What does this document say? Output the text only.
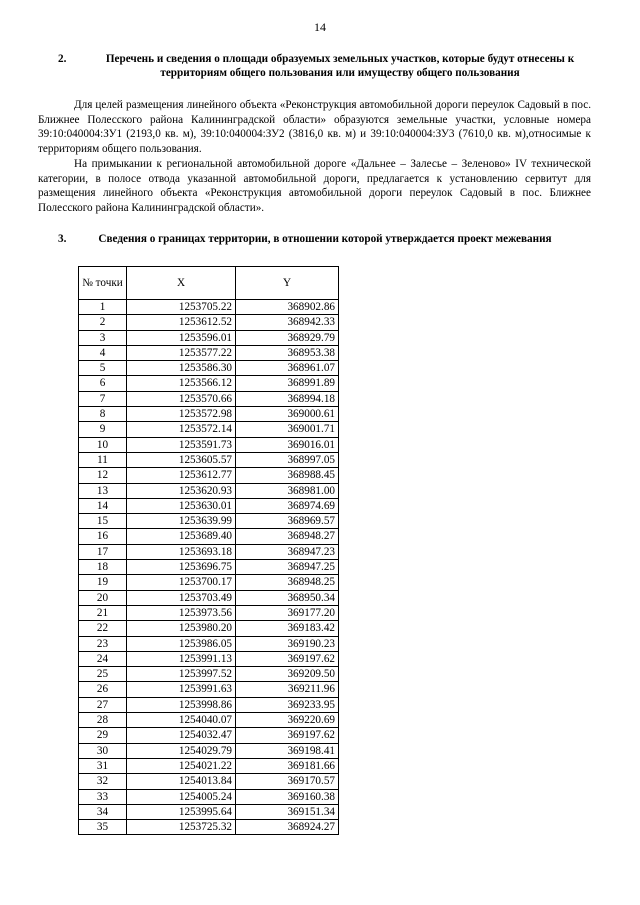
14
2.	Перечень и сведения о площади образуемых земельных участков, которые будут отнесены к территориям общего пользования или имуществу общего пользования
Для целей размещения линейного объекта «Реконструкция автомобильной дороги переулок Садовый в пос. Ближнее Полесского района Калининградской области» образуются земельные участки, условные номера 39:10:040004:ЗУ1 (2193,0 кв. м), 39:10:040004:ЗУ2 (3816,0 кв. м) и 39:10:040004:ЗУ3 (7610,0 кв. м),относимые к территориям общего пользования.
На примыкании к региональной автомобильной дороге «Дальнее – Залесье – Зеленово» IV технической категории, в полосе отвода указанной автомобильной дороги, предлагается к установлению сервитут для размещения линейного объекта «Реконструкция автомобильной дороги переулок Садовый в пос. Ближнее Полесского района Калининградской области».
3.	Сведения о границах территории, в отношении которой утверждается проект межевания
№ точки	X	Y
1	1253705.22	368902.86
2	1253612.52	368942.33
3	1253596.01	368929.79
4	1253577.22	368953.38
5	1253586.30	368961.07
6	1253566.12	368991.89
7	1253570.66	368994.18
8	1253572.98	369000.61
9	1253572.14	369001.71
10	1253591.73	369016.01
11	1253605.57	368997.05
12	1253612.77	368988.45
13	1253620.93	368981.00
14	1253630.01	368974.69
15	1253639.99	368969.57
16	1253689.40	368948.27
17	1253693.18	368947.23
18	1253696.75	368947.25
19	1253700.17	368948.25
20	1253703.49	368950.34
21	1253973.56	369177.20
22	1253980.20	369183.42
23	1253986.05	369190.23
24	1253991.13	369197.62
25	1253997.52	369209.50
26	1253991.63	369211.96
27	1253998.86	369233.95
28	1254040.07	369220.69
29	1254032.47	369197.62
30	1254029.79	369198.41
31	1254021.22	369181.66
32	1254013.84	369170.57
33	1254005.24	369160.38
34	1253995.64	369151.34
35	1253725.32	368924.27
